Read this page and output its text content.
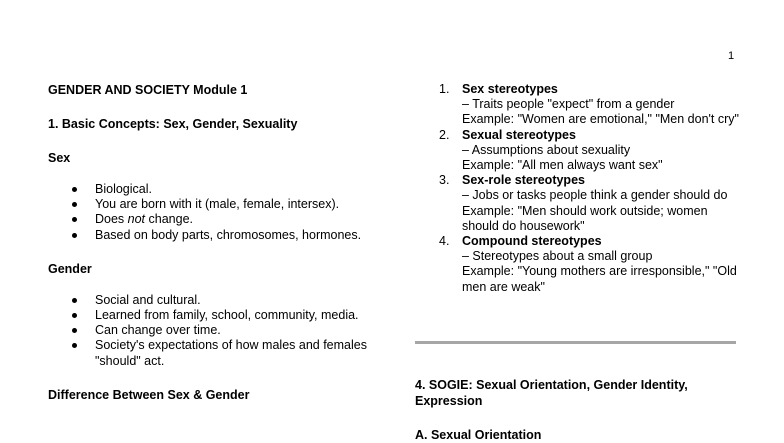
1

GENDER AND SOCIETY Module 1

1. Basic Concepts: Sex, Gender, Sexuality

Sex

Biological.
You are born with it (male, female, intersex).
Does not change.
Based on body parts, chromosomes, hormones.

Gender

Social and cultural.
Learned from family, school, community, media.
Can change over time.
Society's expectations of how males and females "should" act.

Difference Between Sex & Gender

1. Sex stereotypes
– Traits people "expect" from a gender
Example: "Women are emotional," "Men don't cry"
2. Sexual stereotypes
– Assumptions about sexuality
Example: "All men always want sex"
3. Sex-role stereotypes
– Jobs or tasks people think a gender should do
Example: "Men should work outside; women should do housework"
4. Compound stereotypes
– Stereotypes about a small group
Example: "Young mothers are irresponsible," "Old men are weak"

4. SOGIE: Sexual Orientation, Gender Identity, Expression

A. Sexual Orientation
